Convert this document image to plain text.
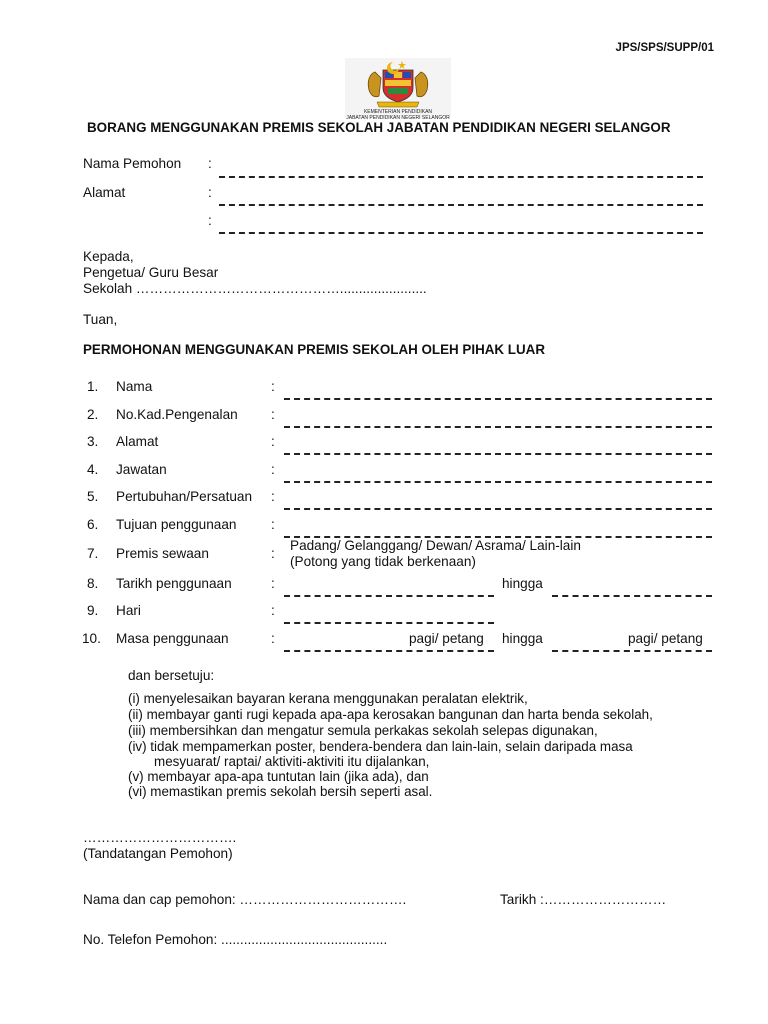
JPS/SPS/SUPP/01
KEMENTERIAN PENDIDIKAN
JABATAN PENDIDIKAN NEGERI SELANGOR
BORANG MENGGUNAKAN PREMIS SEKOLAH JABATAN PENDIDIKAN NEGERI SELANGOR
Nama Pemohon :
Alamat	:
:
Kepada,
Pengetua/ Guru Besar
Sekolah ……………………………………….......................
Tuan,
PERMOHONAN MENGGUNAKAN PREMIS SEKOLAH OLEH PIHAK LUAR
1. Nama	:
2. No.Kad.Pengenalan :
3. Alamat	:
4. Jawatan	:
5. Pertubuhan/Persatuan :
6. Tujuan penggunaan	:
7. Premis sewaan	:
Padang/ Gelanggang/ Dewan/ Asrama/ Lain-lain
(Potong yang tidak berkenaan)
8. Tarikh penggunaan	:	hingga
9. Hari	:
10. Masa penggunaan	:	pagi/ petang hingga	pagi/ petang
dan bersetuju:
(i) menyelesaikan bayaran kerana menggunakan peralatan elektrik,
(ii) membayar ganti rugi kepada apa-apa kerosakan bangunan dan harta benda sekolah,
(iii) membersihkan dan mengatur semula perkakas sekolah selepas digunakan,
(iv) tidak mempamerkan poster, bendera-bendera dan lain-lain, selain daripada masa
mesyuarat/ raptai/ aktiviti-aktiviti itu dijalankan,
(v) membayar apa-apa tuntutan lain (jika ada), dan
(vi) memastikan premis sekolah bersih seperti asal.
…………………………….
(Tandatangan Pemohon)
Nama dan cap pemohon: ……………………………….	Tarikh :………………………
No. Telefon Pemohon: ............................................
